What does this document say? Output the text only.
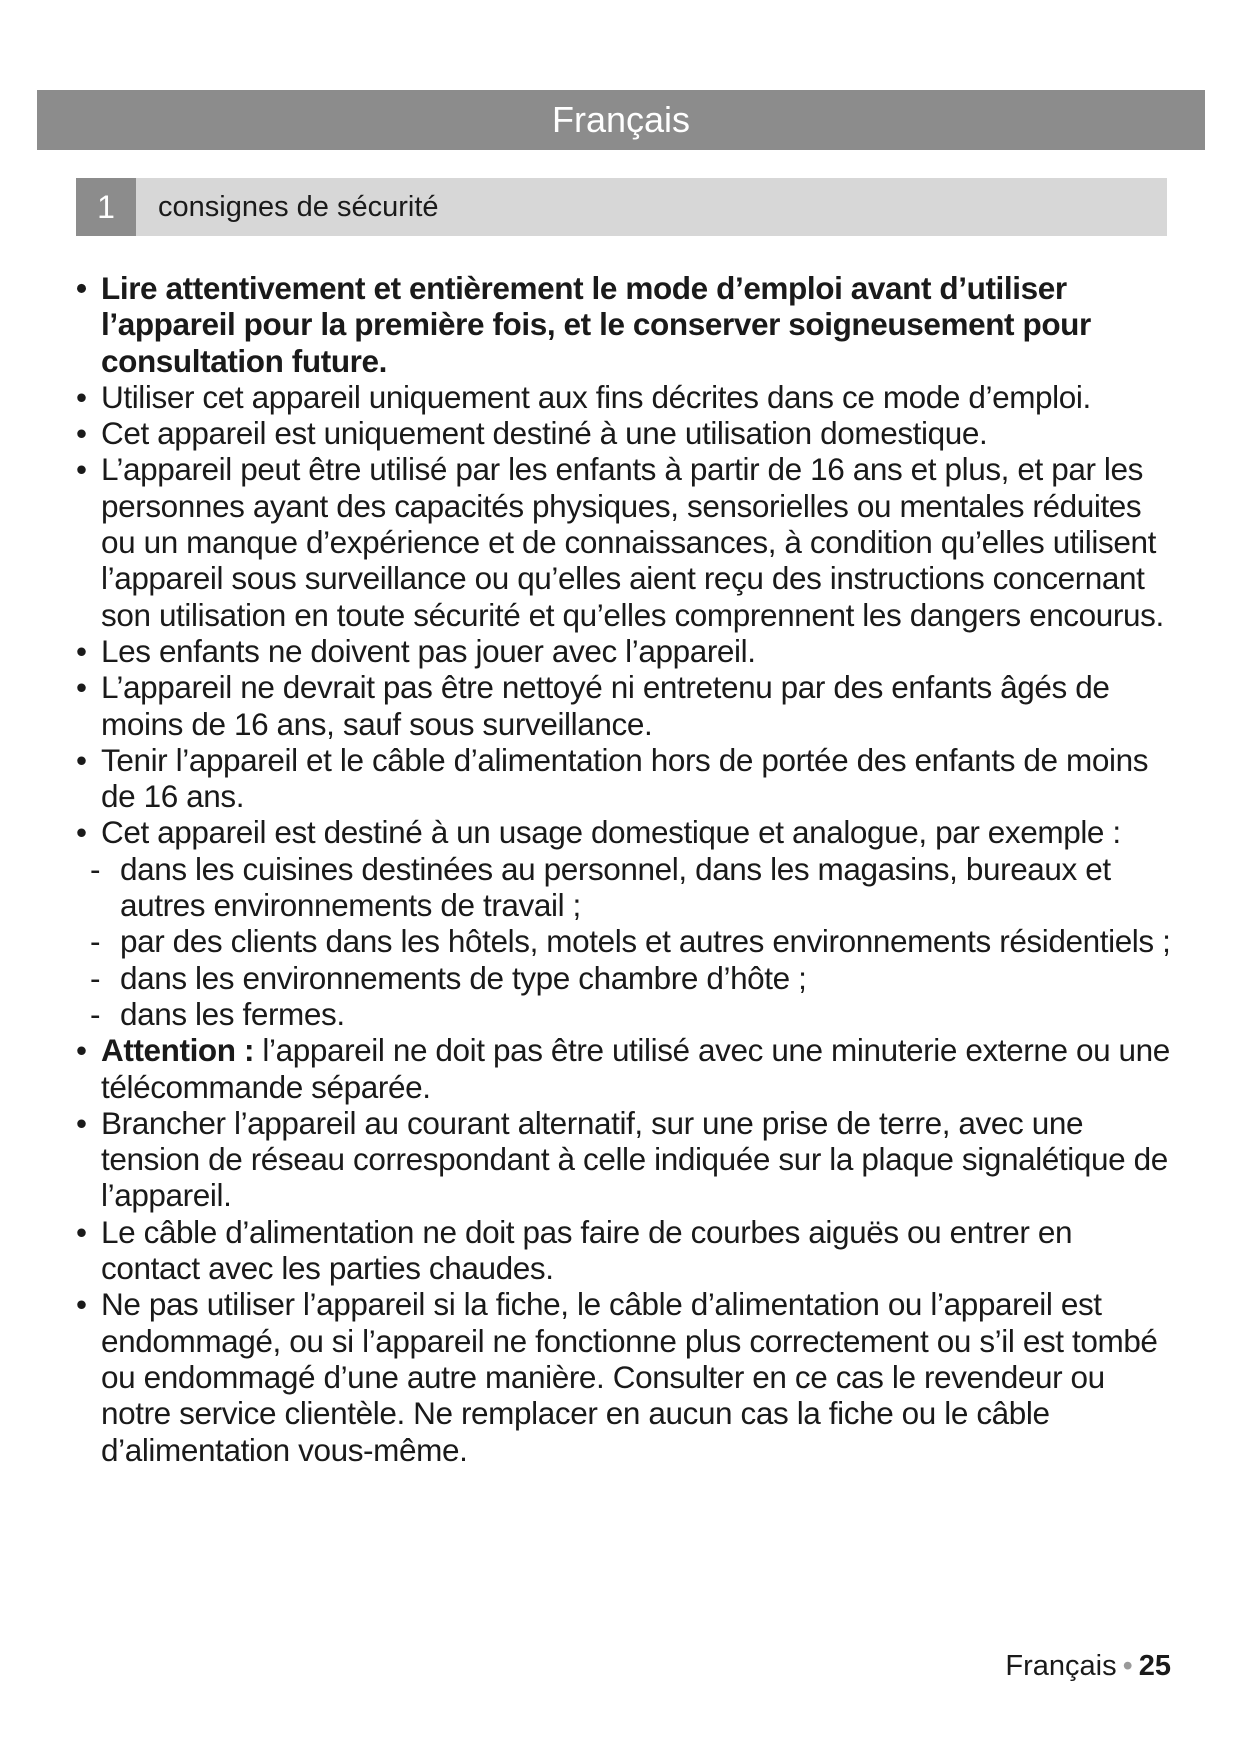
Français
1	consignes de sécurité
• Lire attentivement et entièrement le mode d’emploi avant d’utiliser l’appareil pour la première fois, et le conserver soigneusement pour consultation future.
• Utiliser cet appareil uniquement aux fins décrites dans ce mode d’emploi.
• Cet appareil est uniquement destiné à une utilisation domestique.
• L’appareil peut être utilisé par les enfants à partir de 16 ans et plus, et par les personnes ayant des capacités physiques, sensorielles ou mentales réduites ou un manque d’expérience et de connaissances, à condition qu’elles utilisent l’appareil sous surveillance ou qu’elles aient reçu des instructions concernant son utilisation en toute sécurité et qu’elles comprennent les dangers encourus.
• Les enfants ne doivent pas jouer avec l’appareil.
• L’appareil ne devrait pas être nettoyé ni entretenu par des enfants âgés de moins de 16 ans, sauf sous surveillance.
• Tenir l’appareil et le câble d’alimentation hors de portée des enfants de moins de 16 ans.
• Cet appareil est destiné à un usage domestique et analogue, par exemple :
- dans les cuisines destinées au personnel, dans les magasins, bureaux et autres environnements de travail ;
- par des clients dans les hôtels, motels et autres environnements résidentiels ;
- dans les environnements de type chambre d’hôte ;
- dans les fermes.
• Attention : l’appareil ne doit pas être utilisé avec une minuterie externe ou une télécommande séparée.
• Brancher l’appareil au courant alternatif, sur une prise de terre, avec une tension de réseau correspondant à celle indiquée sur la plaque signalétique de l’appareil.
• Le câble d’alimentation ne doit pas faire de courbes aiguës ou entrer en contact avec les parties chaudes.
• Ne pas utiliser l’appareil si la fiche, le câble d’alimentation ou l’appareil est endommagé, ou si l’appareil ne fonctionne plus correctement ou s’il est tombé ou endommagé d’une autre manière. Consulter en ce cas le revendeur ou notre service clientèle. Ne remplacer en aucun cas la fiche ou le câble d’alimentation vous-même.
Français • 25
